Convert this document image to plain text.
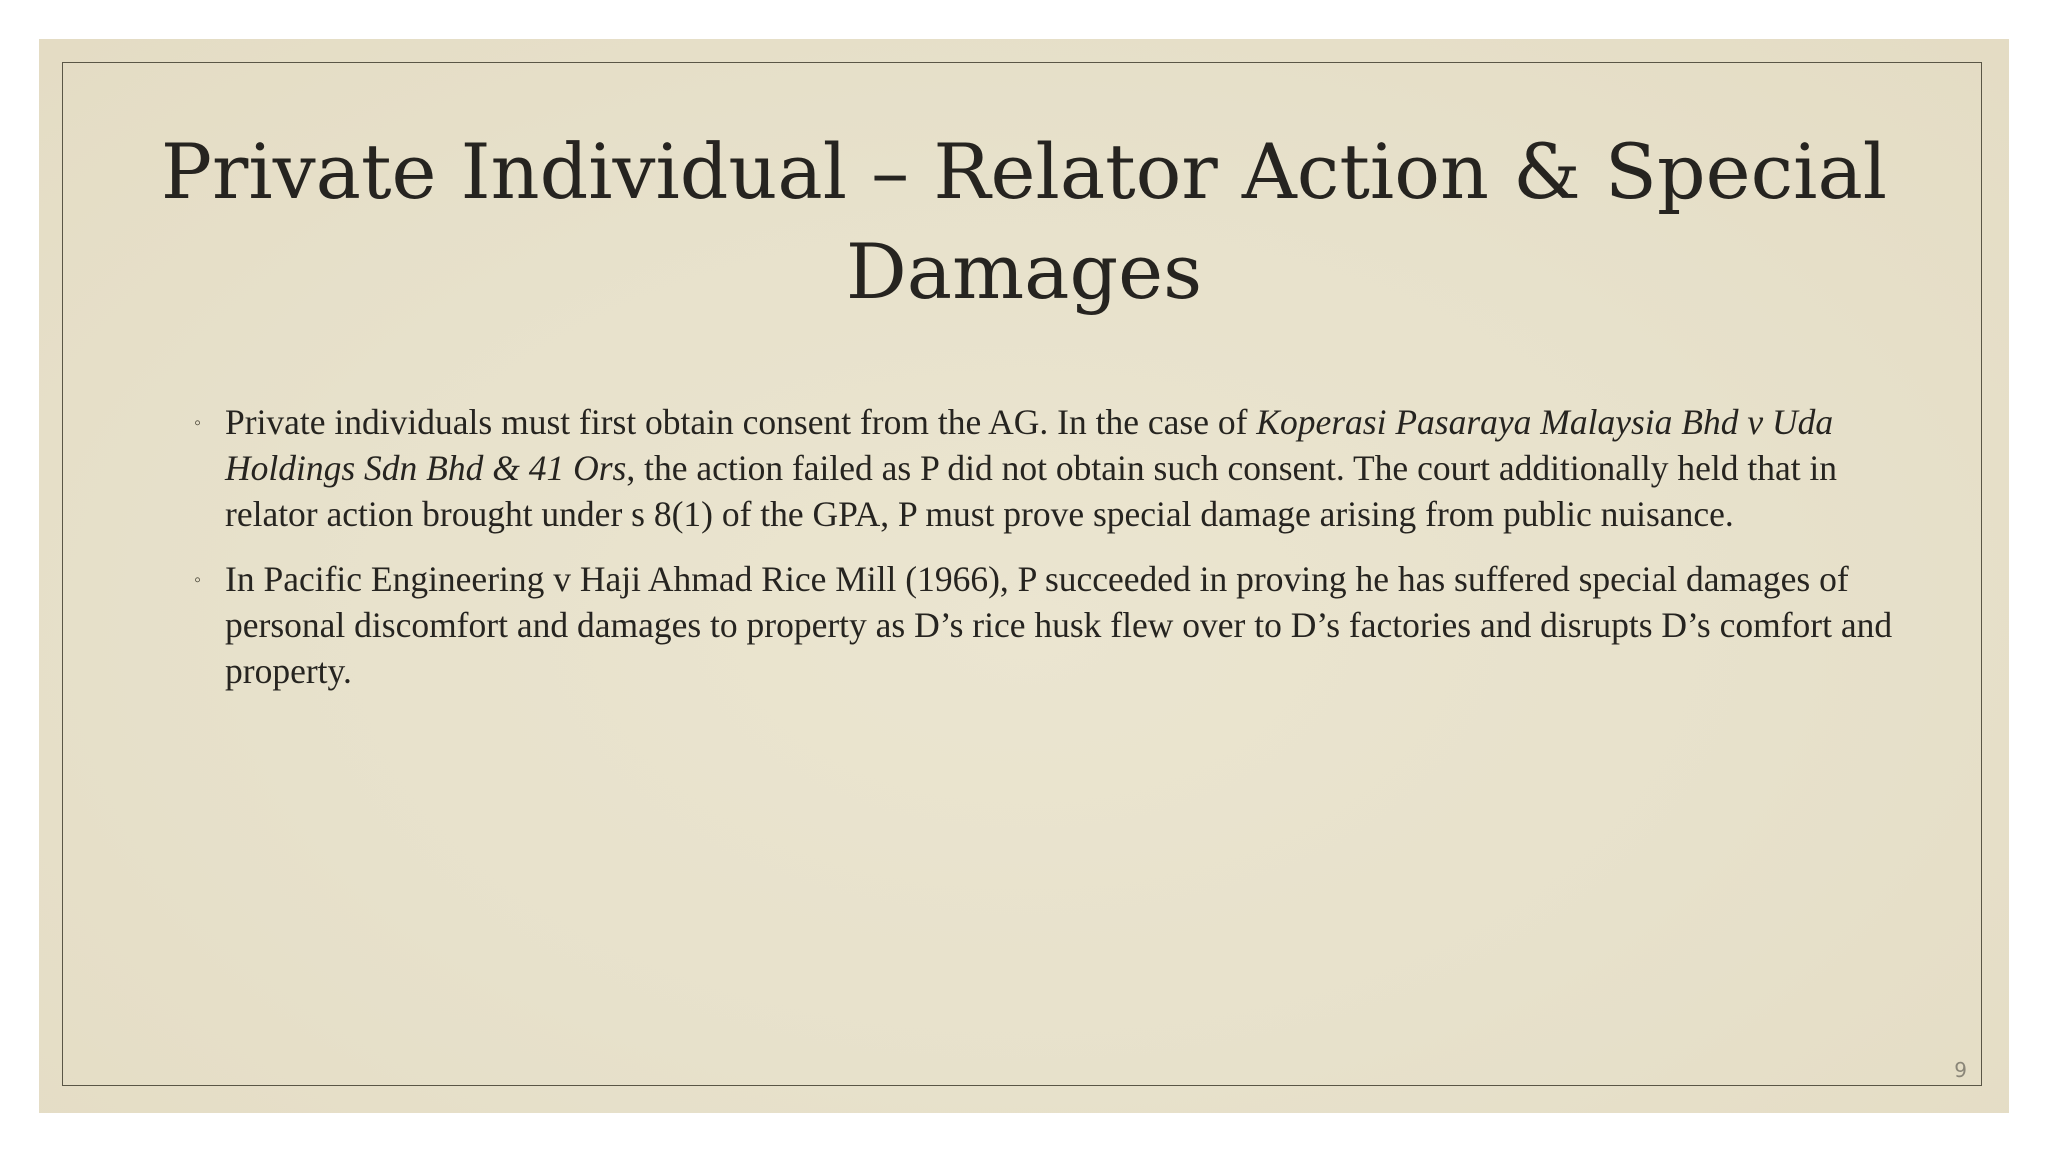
Private Individual – Relator Action & Special Damages
◦ Private individuals must first obtain consent from the AG. In the case of Koperasi Pasaraya Malaysia Bhd v Uda Holdings Sdn Bhd & 41 Ors, the action failed as P did not obtain such consent. The court additionally held that in relator action brought under s 8(1) of the GPA, P must prove special damage arising from public nuisance.
◦ In Pacific Engineering v Haji Ahmad Rice Mill (1966), P succeeded in proving he has suffered special damages of personal discomfort and damages to property as D’s rice husk flew over to D’s factories and disrupts D’s comfort and property.
9
